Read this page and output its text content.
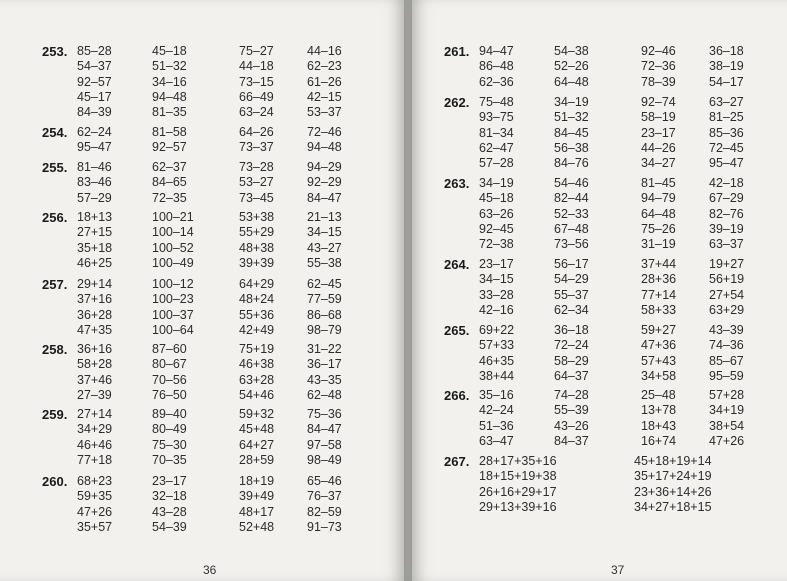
253. 85–28
54–37
92–57
45–17
84–39
45–18
51–32
34–16
94–48
81–35
75–27
44–18
73–15
66–49
63–24
44–16
62–23
61–26
42–15
53–37
254. 62–24
95–47
81–58
92–57
64–26
73–37
72–46
94–48
255. 81–46
83–46
57–29
62–37
84–65
72–35
73–28
53–27
73–45
94–29
92–29
84–47
256. 18+13
27+15
35+18
46+25
100–21
100–14
100–52
100–49
53+38
55+29
48+38
39+39
21–13
34–15
43–27
55–38
257. 29+14
37+16
36+28
47+35
100–12
100–23
100–37
100–64
64+29
48+24
55+36
42+49
62–45
77–59
86–68
98–79
258. 36+16
58+28
37+46
27–39
87–60
80–67
70–56
76–50
75+19
46+38
63+28
54+46
31–22
36–17
43–35
62–48
259. 27+14
34+29
46+46
77+18
89–40
80–49
75–30
70–35
59+32
45+48
64+27
28+59
75–36
84–47
97–58
98–49
260. 68+23
59+35
47+26
35+57
23–17
32–18
43–28
54–39
18+19
39+49
48+17
52+48
65–46
76–37
82–59
91–73
261. 94–47
86–48
62–36
54–38
52–26
64–48
92–46
72–36
78–39
36–18
38–19
54–17
262. 75–48
93–75
81–34
62–47
57–28
34–19
51–32
84–45
56–38
84–76
92–74
58–19
23–17
44–26
34–27
63–27
81–25
85–36
72–45
95–47
263. 34–19
45–18
63–26
92–45
72–38
54–46
82–44
52–33
67–48
73–56
81–45
94–79
64–48
75–26
31–19
42–18
67–29
82–76
39–19
63–37
264. 23–17
34–15
33–28
42–16
56–17
54–29
55–37
62–34
37+44
28+36
77+14
58+33
19+27
56+19
27+54
63+29
265. 69+22
57+33
46+35
38+44
36–18
72–24
58–29
64–37
59+27
47+36
57+43
34+58
43–39
74–36
85–67
95–59
266. 35–16
42–24
51–36
63–47
74–28
55–39
43–26
84–37
25–48
13+78
18+43
16+74
57+28
34+19
38+54
47+26
267. 28+17+35+16
18+15+19+38
26+16+29+17
29+13+39+16
45+18+19+14
35+17+24+19
23+36+14+26
34+27+18+15
36	37
